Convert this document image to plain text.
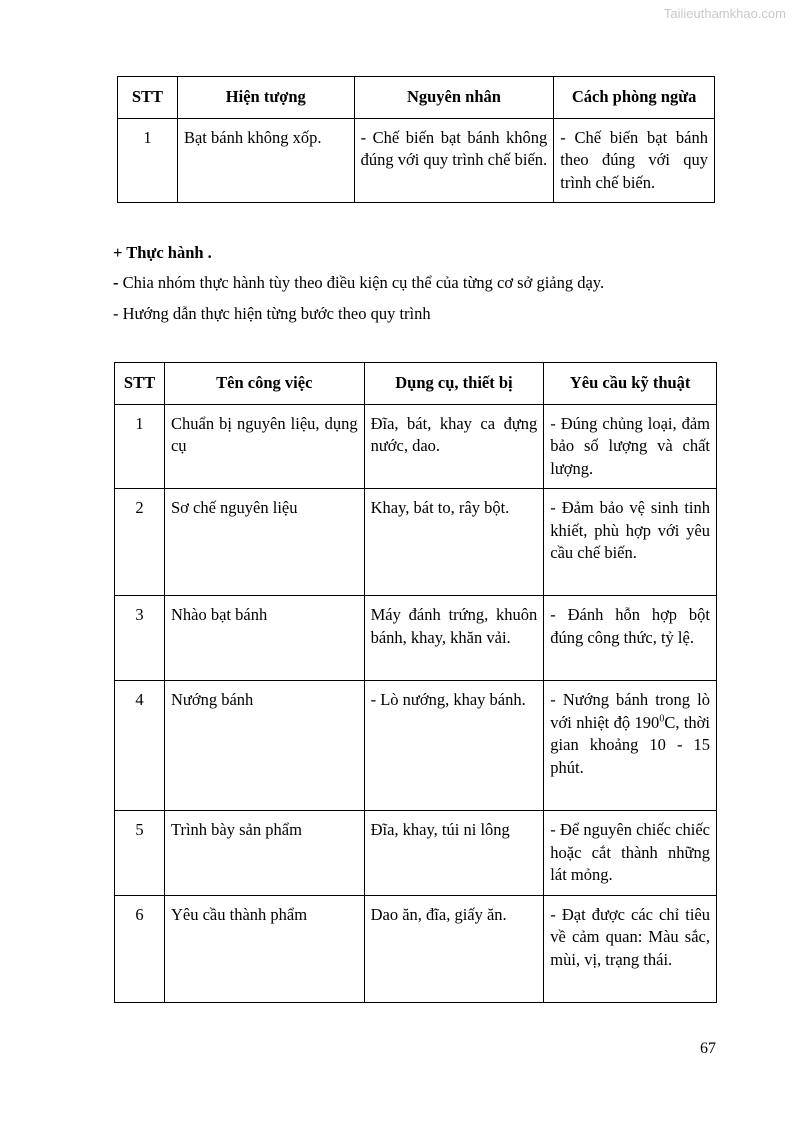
Tailieuthamkhao.com
STT	Hiện tượng	Nguyên nhân	Cách phòng ngừa
1	Bạt bánh không xốp.	- Chế biến bạt bánh không đúng với quy trình chế biến.	- Chế biến bạt bánh theo đúng với quy trình chế biến.
+ Thực hành .
- Chia nhóm thực hành tùy theo điều kiện cụ thể của từng cơ sở giảng dạy.
- Hướng dẫn thực hiện từng bước theo quy trình
STT	Tên công việc	Dụng cụ, thiết bị	Yêu cầu kỹ thuật
1	Chuẩn bị nguyên liệu, dụng cụ	Đĩa, bát, khay ca đựng nước, dao.	- Đúng chủng loại, đảm bảo số lượng và chất lượng.
2	Sơ chế nguyên liệu	Khay, bát to, rây bột.	- Đảm bảo vệ sinh tinh khiết, phù hợp với yêu cầu chế biến.
3	Nhào bạt bánh	Máy đánh trứng, khuôn bánh, khay, khăn vải.	- Đánh hỗn hợp bột đúng công thức, tỷ lệ.
4	Nướng bánh	- Lò nướng, khay bánh.	- Nướng bánh trong lò với nhiệt độ $190^0C$, thời gian khoảng 10 - 15 phút.
5	Trình bày sản phẩm	Đĩa, khay, túi ni lông	- Để nguyên chiếc chiếc hoặc cắt thành những lát mỏng.
6	Yêu cầu thành phẩm	Dao ăn, đĩa, giấy ăn.	- Đạt được các chỉ tiêu về cảm quan: Màu sắc, mùi, vị, trạng thái.
67
